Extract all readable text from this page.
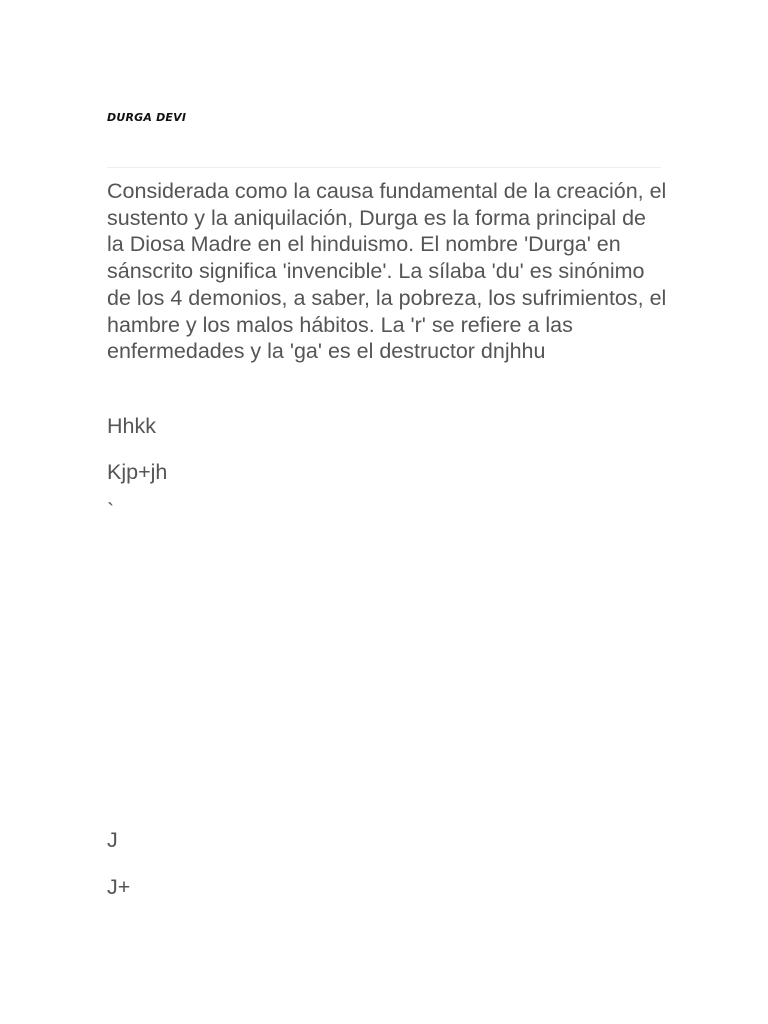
DURGA DEVI

Considerada como la causa fundamental de la creación, el sustento y la aniquilación, Durga es la forma principal de la Diosa Madre en el hinduismo. El nombre 'Durga' en sánscrito significa 'invencible'. La sílaba 'du' es sinónimo de los 4 demonios, a saber, la pobreza, los sufrimientos, el hambre y los malos hábitos. La 'r' se refiere a las enfermedades y la 'ga' es el destructor dnjhhu

Hhkk

Kjp+jh

`

J

J+
